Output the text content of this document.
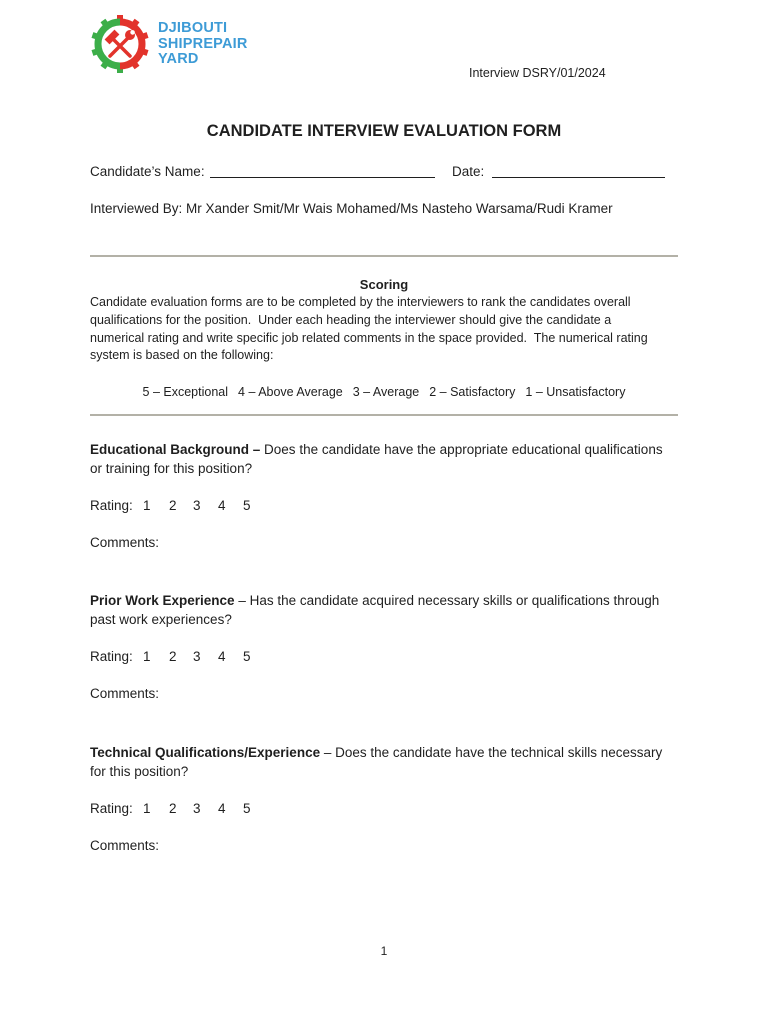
DJIBOUTI
SHIPREPAIR
YARD
Interview DSRY/01/2024
CANDIDATE INTERVIEW EVALUATION FORM
Candidate’s Name:	Date:
Interviewed By: Mr Xander Smit/Mr Wais Mohamed/Ms Nasteho Warsama/Rudi Kramer
Scoring
Candidate evaluation forms are to be completed by the interviewers to rank the candidates overall
qualifications for the position.  Under each heading the interviewer should give the candidate a
numerical rating and write specific job related comments in the space provided.  The numerical rating
system is based on the following:
5 – Exceptional 4 – Above Average 3 – Average 2 – Satisfactory 1 – Unsatisfactory
Educational Background – Does the candidate have the appropriate educational qualifications
or training for this position?
Rating: 1 2 3 4 5
Comments:
Prior Work Experience – Has the candidate acquired necessary skills or qualifications through
past work experiences?
Rating: 1 2 3 4 5
Comments:
Technical Qualifications/Experience – Does the candidate have the technical skills necessary
for this position?
Rating: 1 2 3 4 5
Comments:
1
